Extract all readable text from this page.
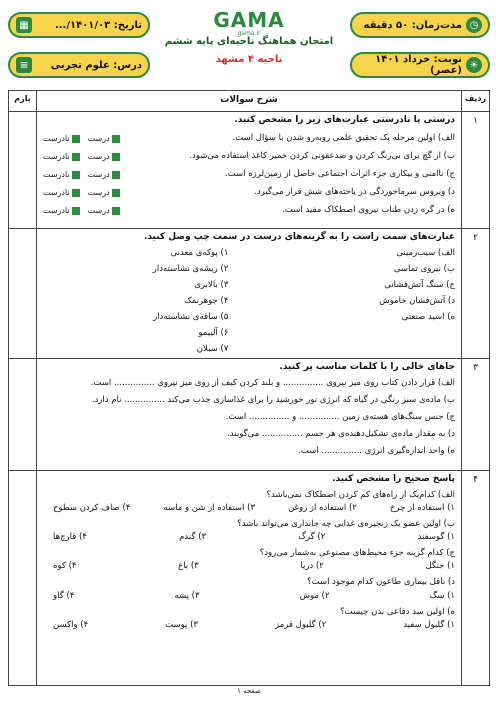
◷
مدت‌زمان: ۵۰ دقیقه
☀
نوبت: خرداد ۱۴۰۱ (عصر)
تاریخ: ۱۴۰۱/۰۳/...
▦
درس: علوم تجربی
≡
GAMA
gama.ir
امتحان هماهنگ ناحیه‌ای پایه ششم
ناحیه ۴ مشهد
ردیف
شرح سوالات
بارم
۱
درستی یا نادرستی عبارت‌های زیر را مشخص کنید.
الف) اولین مرحله یک تحقیق علمی روبه‌رو شدن با سؤال است.
درست
نادرست
ب) از گچ برای بی‌رنگ کردن و ضدعفونی کردن خمیر کاغذ استفاده می‌شود.
درست
نادرست
ج) ناامنی و بیکاری جزء اثرات اجتماعی حاصل از زمین‌لرزه است.
درست
نادرست
د) ویروس سرماخوردگی در یاخته‌های شش قرار می‌گیرد.
درست
نادرست
ه) در گره زدن طناب نیروی اصطکاک مفید است.
درست
نادرست
۲
عبارت‌های سمت راست را به گزینه‌های درست در سمت چپ وصل کنید.
الف) سیب‌زمینی
ب) نیروی تماسی
ج) سنگ آتش‌فشانی
د) آتش‌فشان خاموش
ه) اسید صنعتی
۱) پوکه‌ی معدنی
۲) ریشه‌ی نشاسته‌دار
۳) بالابری
۴) جوهرنمک
۵) ساقه‌ی نشاسته‌دار
۶) آلبیمو
۷) سبلان
۳
جاهای خالی را با کلمات مناسب پر کنید.
الف) قرار دادن کتاب روی میز نیروی ............... و بلند کردن کیف از روی میز نیروی ............... است.
ب) ماده‌ی سبز رنگی در گیاه که انرژی نور خورشید را برای غذاسازی جذب می‌کند ............... نام دارد.
ج) جنس سنگ‌های هسته‌ی زمین ............... و ............... است.
د) به مقدار ماده‌ی تشکیل‌دهنده‌ی هر جسم ............... می‌گویند.
ه) واحد اندازه‌گیری انرژی ............... است.
۴
پاسخ صحیح را مشخص کنید.
الف) کدام‌یک از راه‌های کم کردن اصطکاک نمی‌باشد؟
۱) استفاده از چرخ
۲) استفاده از روغن
۳) استفاده از شن و ماسه
۴) صاف کردن سطوح
ب) اولین عضو یک زنجیره‌ی غذایی چه جانداری می‌تواند باشد؟
۱) گوسفند
۲) گرگ
۳) گندم
۴) قارچ‌ها
ج) کدام گزینه جزء محیط‌های مصنوعی به‌شمار می‌رود؟
۱) جنگل
۲) دریا
۳) باغ
۴) کوه
د) ناقل بیماری طاعون کدام موجود است؟
۱) سگ
۲) موش
۳) پشه
۴) گاو
ه) اولین سد دفاعی بدن چیست؟
۱) گلبول سفید
۲) گلبول قرمز
۳) پوست
۴) واکسن
صفحه ۱
